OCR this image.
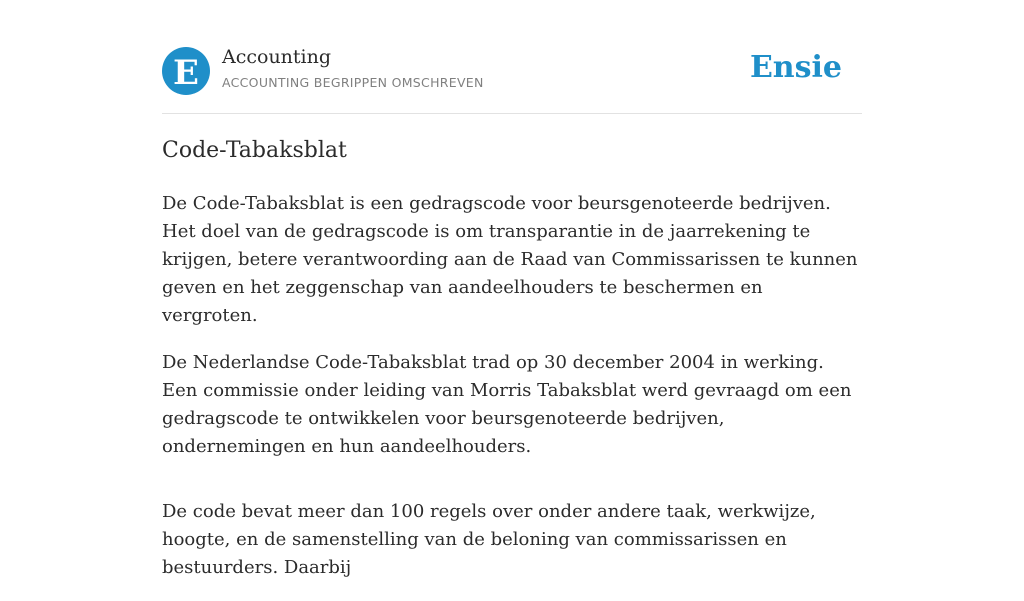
E Accounting
ACCOUNTING BEGRIPPEN OMSCHREVEN	Ensie
Code-Tabaksblat

De Code-Tabaksblat is een gedragscode voor beursgenoteerde bedrijven. Het doel van de gedragscode is om transparantie in de jaarrekening te krijgen, betere verantwoording aan de Raad van Commissarissen te kunnen geven en het zeggenschap van aandeelhouders te beschermen en vergroten.

De Nederlandse Code-Tabaksblat trad op 30 december 2004 in werking. Een commissie onder leiding van Morris Tabaksblat werd gevraagd om een gedragscode te ontwikkelen voor beursgenoteerde bedrijven, ondernemingen en hun aandeelhouders.

De code bevat meer dan 100 regels over onder andere taak, werkwijze, hoogte, en de samenstelling van de beloning van commissarissen en bestuurders. Daarbij
